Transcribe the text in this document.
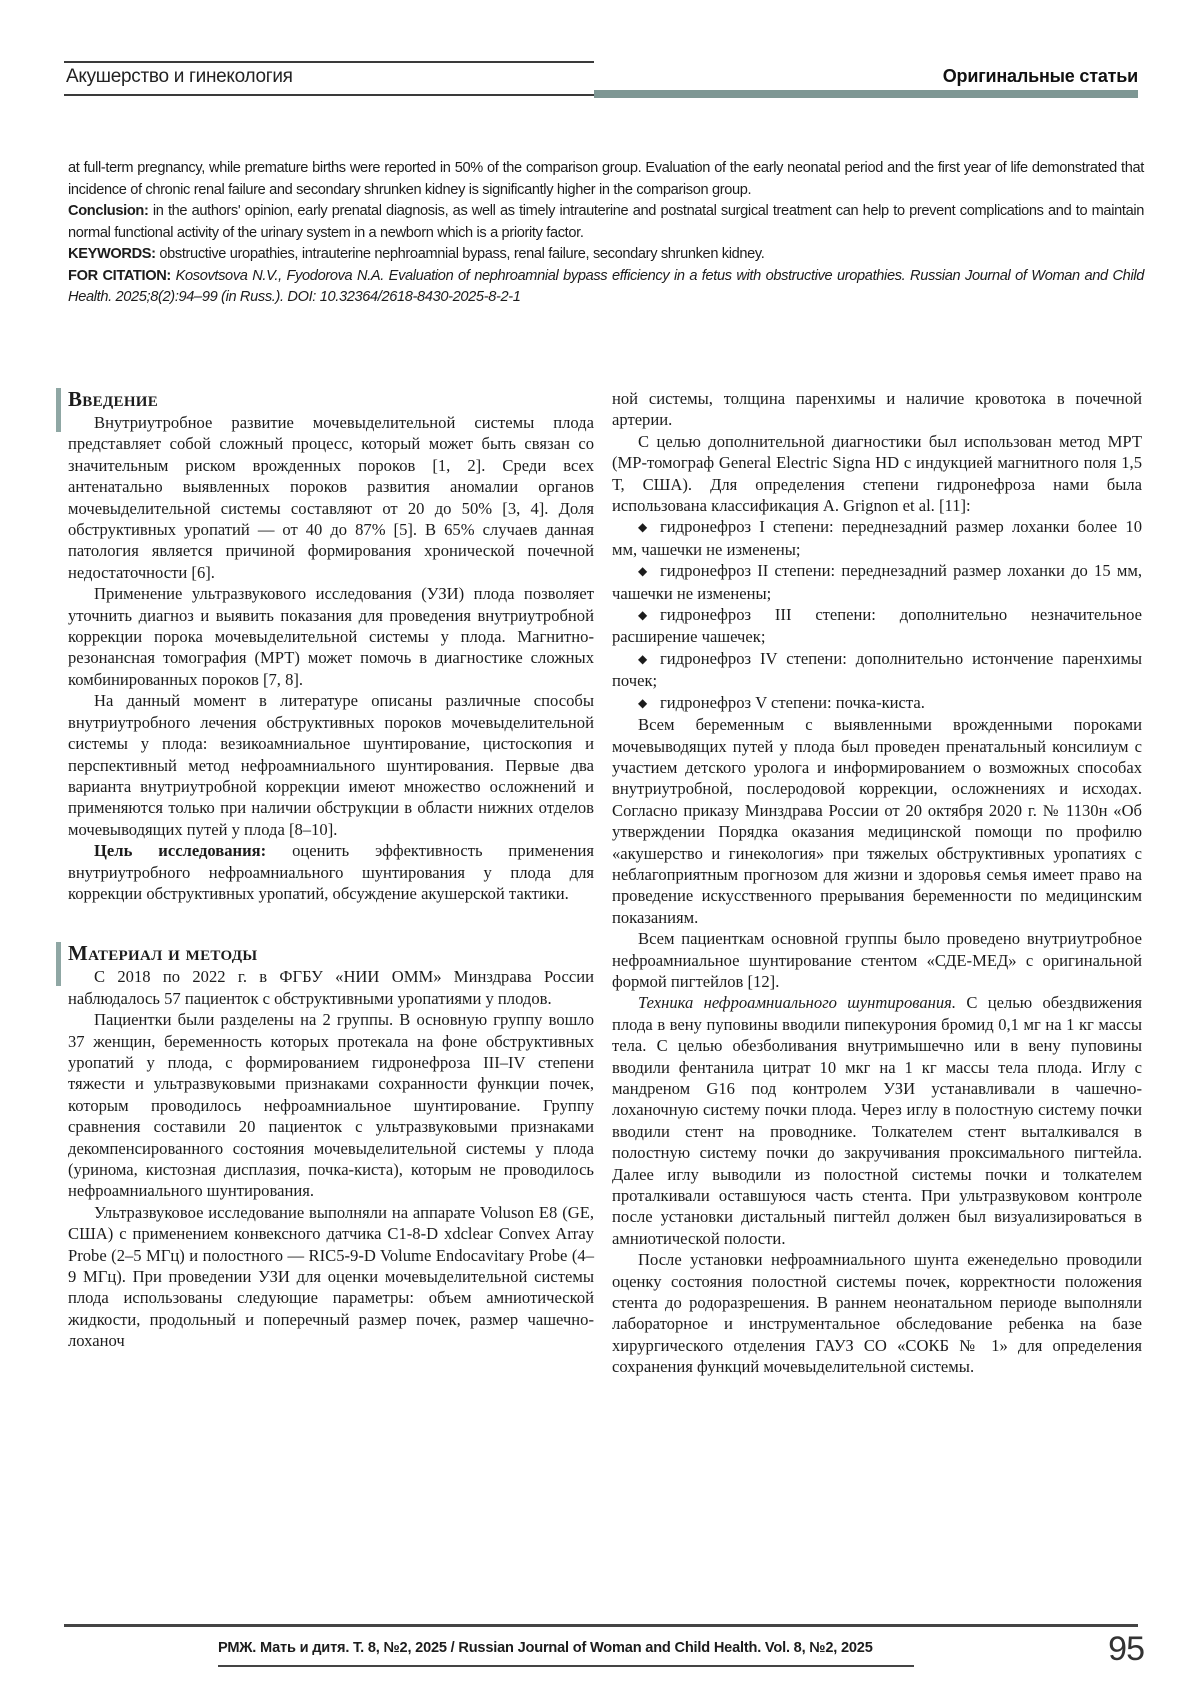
Акушерство и гинекология	Оригинальные статьи

at full-term pregnancy, while premature births were reported in 50% of the comparison group. Evaluation of the early neonatal period and the first year of life demonstrated that incidence of chronic renal failure and secondary shrunken kidney is significantly higher in the comparison group.

Conclusion: in the authors' opinion, early prenatal diagnosis, as well as timely intrauterine and postnatal surgical treatment can help to prevent complications and to maintain normal functional activity of the urinary system in a newborn which is a priority factor.

KEYWORDS: obstructive uropathies, intrauterine nephroamnial bypass, renal failure, secondary shrunken kidney.

FOR CITATION: Kosovtsova N.V., Fyodorova N.A. Evaluation of nephroamnial bypass efficiency in a fetus with obstructive uropathies. Russian Journal of Woman and Child Health. 2025;8(2):94–99 (in Russ.). DOI: 10.32364/2618-8430-2025-8-2-1

Введение

Внутриутробное развитие мочевыделительной системы плода представляет собой сложный процесс, который может быть связан со значительным риском врожденных пороков [1, 2]. Среди всех антенатально выявленных пороков развития аномалии органов мочевыделительной системы составляют от 20 до 50% [3, 4]. Доля обструктивных уропатий — от 40 до 87% [5]. В 65% случаев данная патология является причиной формирования хронической почечной недостаточности [6].

Применение ультразвукового исследования (УЗИ) плода позволяет уточнить диагноз и выявить показания для проведения внутриутробной коррекции порока мочевыделительной системы у плода. Магнитно-резонансная томография (МРТ) может помочь в диагностике сложных комбинированных пороков [7, 8].

На данный момент в литературе описаны различные способы внутриутробного лечения обструктивных пороков мочевыделительной системы у плода: везикоамниальное шунтирование, цистоскопия и перспективный метод нефроамниального шунтирования. Первые два варианта внутриутробной коррекции имеют множество осложнений и применяются только при наличии обструкции в области нижних отделов мочевыводящих путей у плода [8–10].

Цель исследования: оценить эффективность применения внутриутробного нефроамниального шунтирования у плода для коррекции обструктивных уропатий, обсуждение акушерской тактики.

Материал и методы

С 2018 по 2022 г. в ФГБУ «НИИ ОММ» Минздрава России наблюдалось 57 пациенток с обструктивными уропатиями у плодов.

Пациентки были разделены на 2 группы. В основную группу вошло 37 женщин, беременность которых протекала на фоне обструктивных уропатий у плода, с формированием гидронефроза III–IV степени тяжести и ультразвуковыми признаками сохранности функции почек, которым проводилось нефроамниальное шунтирование. Группу сравнения составили 20 пациенток с ультразвуковыми признаками декомпенсированного состояния мочевыделительной системы у плода (уринома, кистозная дисплазия, почка-киста), которым не проводилось нефроамниального шунтирования.

Ультразвуковое исследование выполняли на аппарате Voluson E8 (GE, США) с применением конвексного датчика C1-8-D xdclear Convex Array Probe (2–5 МГц) и полостного — RIC5-9-D Volume Endocavitary Probe (4–9 МГц). При проведении УЗИ для оценки мочевыделительной системы плода использованы следующие параметры: объем амниотической жидкости, продольный и поперечный размер почек, размер чашечно-лоханоч

ной системы, толщина паренхимы и наличие кровотока в почечной артерии.

С целью дополнительной диагностики был использован метод МРТ (МР-томограф General Electric Signa HD с индукцией магнитного поля 1,5 Т, США). Для определения степени гидронефроза нами была использована классификация A. Grignon et al. [11]:

◆ гидронефроз I степени: переднезадний размер лоханки более 10 мм, чашечки не изменены;

◆ гидронефроз II степени: переднезадний размер лоханки до 15 мм, чашечки не изменены;

◆ гидронефроз III степени: дополнительно незначительное расширение чашечек;

◆ гидронефроз IV степени: дополнительно истончение паренхимы почек;

◆ гидронефроз V степени: почка-киста.

Всем беременным с выявленными врожденными пороками мочевыводящих путей у плода был проведен пренатальный консилиум с участием детского уролога и информированием о возможных способах внутриутробной, послеродовой коррекции, осложнениях и исходах. Согласно приказу Минздрава России от 20 октября 2020 г. № 1130н «Об утверждении Порядка оказания медицинской помощи по профилю «акушерство и гинекология» при тяжелых обструктивных уропатиях с неблагоприятным прогнозом для жизни и здоровья семья имеет право на проведение искусственного прерывания беременности по медицинским показаниям.

Всем пациенткам основной группы было проведено внутриутробное нефроамниальное шунтирование стентом «СДЕ-МЕД» с оригинальной формой пигтейлов [12].

Техника нефроамниального шунтирования. С целью обездвижения плода в вену пуповины вводили пипекурония бромид 0,1 мг на 1 кг массы тела. С целью обезболивания внутримышечно или в вену пуповины вводили фентанила цитрат 10 мкг на 1 кг массы тела плода. Иглу с мандреном G16 под контролем УЗИ устанавливали в чашечно-лоханочную систему почки плода. Через иглу в полостную систему почки вводили стент на проводнике. Толкателем стент выталкивался в полостную систему почки до закручивания проксимального пигтейла. Далее иглу выводили из полостной системы почки и толкателем проталкивали оставшуюся часть стента. При ультразвуковом контроле после установки дистальный пигтейл должен был визуализироваться в амниотической полости.

После установки нефроамниального шунта еженедельно проводили оценку состояния полостной системы почек, корректности положения стента до родоразрешения. В раннем неонатальном периоде выполняли лабораторное и инструментальное обследование ребенка на базе хирургического отделения ГАУЗ СО «СОКБ № 1» для определения сохранения функций мочевыделительной системы.

РМЖ. Мать и дитя. Т. 8, №2, 2025 / Russian Journal of Woman and Child Health. Vol. 8, №2, 2025	95
